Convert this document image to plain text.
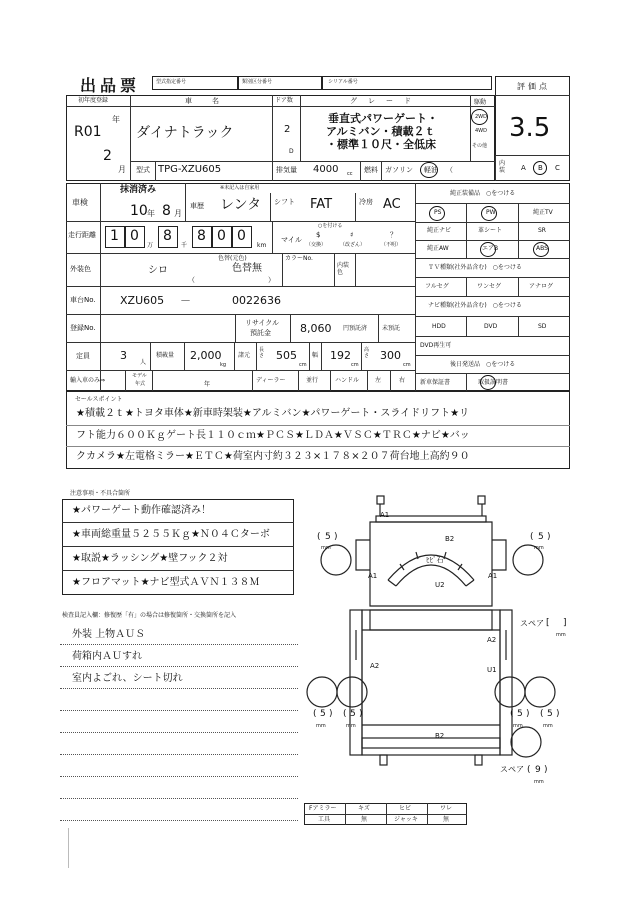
出品票	型式指定番号	類別区分番号	シリアル番号	評価点
3.5
内装 A B C
初年度登録
R01
年
2
月
車　　名
ダイナトラック
ドア数
2
D
グ　レ　ー　ド
垂直式パワーゲート・
アルミバン・積載２ｔ
・標準１０尺・全低床
駆動
2WD
4WD
その他
型式 TPG-XZU605	排気量 4000 cc 燃料 ガソリン 軽油 （
車検
抹消済み
10 年 8 月
※未記入は自家用
車歴 レンタ シフト FAT	冷房 AC
走行距離 1 0
万
8
千
8 0 0
km
○を付ける
マイル
$
（交換）
♯
（改ざん）
？
（不明）
外装色	シロ
色替(元色)
色替無
（	）
カラーNo.
内装色
車台No. XZU605 －	0022636
登録No.
リサイクル
預託金	8,060 円預託済 未預託
定員	3
人
積載量 2,000
kg
諸元
長さ 505
cm
幅 192
cm
高さ 300
cm
輸入車のみ⇒
モデル
年式	年
ディーラー	並行	ハンドル	左	右
純正装備品　○をつける
PS	PW	純正TV
純正ナビ	革シート	SR
純正AW	エアB	ABS
ＴＶ種類(社外品含む)　○をつける
フルセグ	ワンセグ	アナログ
ナビ種類(社外品含む)　○をつける
HDD	DVD	SD
DVD再生可
後日発送品　○をつける
新車保証書	取扱説明書
セールスポイント
★積載２ｔ★トヨタ車体★新車時架装★アルミバン★パワーゲート・スライドリフト★リ
フト能力６００Ｋｇゲート長１１０ｃｍ★ＰＣＳ★ＬＤＡ★ＶＳＣ★ＴＲＣ★ナビ★バッ
クカメラ★左電格ミラー★ＥＴＣ★荷室内寸約３２３×１７８×２０７荷台地上高約９０
注意事項・不具合箇所
★パワーゲート動作確認済み！
★車両総重量５２５５Ｋｇ★Ｎ０４Ｃターボ
★取説★ラッシング★壁フック２対
★フロアマット★ナビ型式ＡＶＮ１３８Ｍ
検査員記入欄：修復歴「有」の場合は修復箇所・交換箇所を記入
外装 上物ＡＵＳ
荷箱内ＡＵすれ
室内よごれ、シート切れ
A1
B2
ﾋﾋﾞ石
U2
A1	A1
A2
A2	U1
B2
( 5 )
mm
( 5 )
mm
( 5 )
mm
( 5 )
mm
( 5 )
mm
( 5 )
mm
スペア [ ]
mm
スペア ( 9 )
mm
Fアミラー	キズ	ヒビ	ワレ
工具	無	ジャッキ	無
